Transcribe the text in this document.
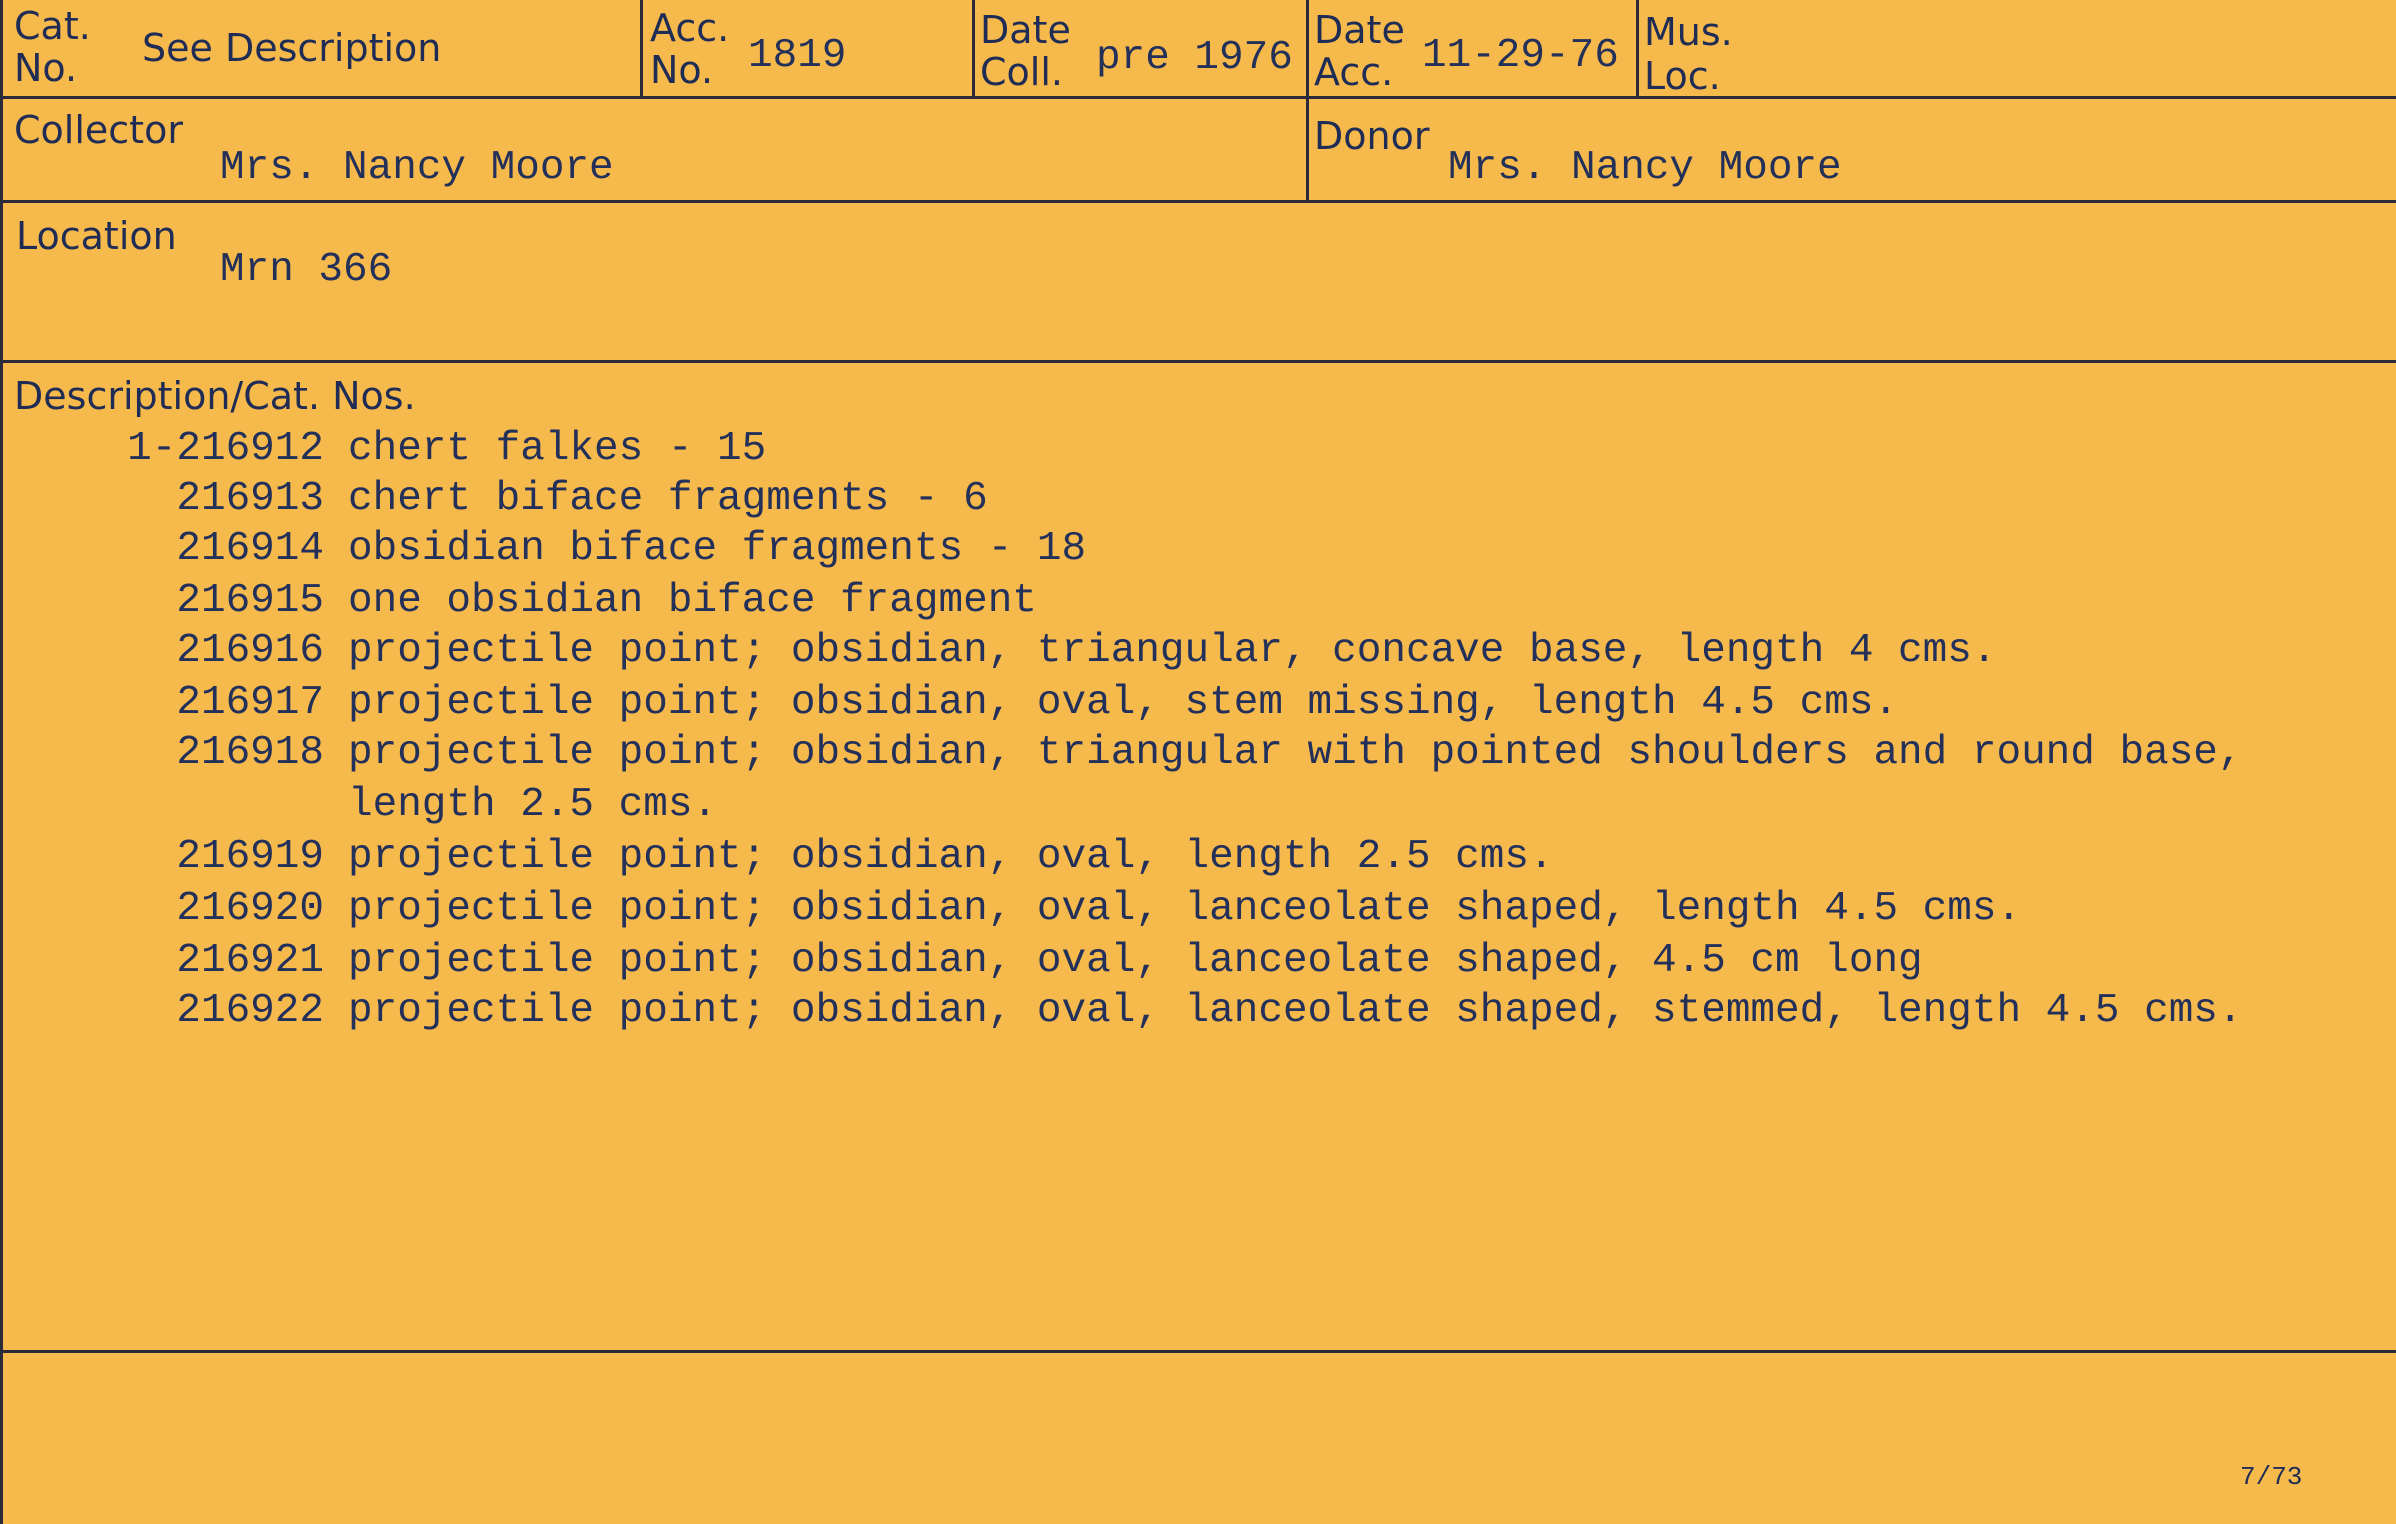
Cat.
No. See Description	Acc.
No. 1819
Date
Coll. pre 1976
Date
Acc. 11-29-76
Mus.
Loc.
Collector
Mrs. Nancy Moore
Donor
Mrs. Nancy Moore
Location
Mrn 366
Description/Cat. Nos.
1-216912 chert falkes - 15
216913 chert biface fragments - 6
216914 obsidian biface fragments - 18
216915 one obsidian biface fragment
216916 projectile point; obsidian, triangular, concave base, length 4 cms.
216917 projectile point; obsidian, oval, stem missing, length 4.5 cms.
216918 projectile point; obsidian, triangular with pointed shoulders and round base,
length 2.5 cms.
216919 projectile point; obsidian, oval, length 2.5 cms.
216920 projectile point; obsidian, oval, lanceolate shaped, length 4.5 cms.
216921 projectile point; obsidian, oval, lanceolate shaped, 4.5 cm long
216922 projectile point; obsidian, oval, lanceolate shaped, stemmed, length 4.5 cms.
7/73
